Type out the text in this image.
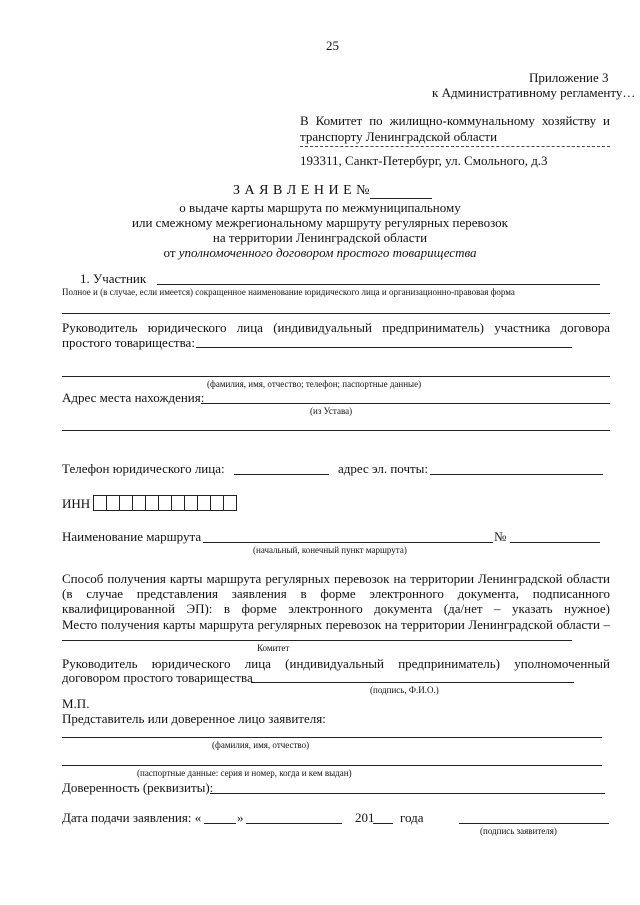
25
Приложение 3
к Административному регламенту…
В Комитет по жилищно-коммунальному хозяйству и
транспорту Ленинградской области
193311, Санкт-Петербург, ул. Смольного, д.3
З А Я В Л Е Н И Е №
о выдаче карты маршрута по межмуниципальному
или смежному межрегиональному маршруту регулярных перевозок
на территории Ленинградской области
от уполномоченного договором простого товарищества
1. Участник
Полное и (в случае, если имеется) сокращенное наименование юридического лица и организационно-правовая форма
Руководитель юридического лица (индивидуальный предприниматель) участника договора
простого товарищества:
(фамилия, имя, отчество; телефон; паспортные данные)
Адрес места нахождения:
(из Устава)
Телефон юридического лица:	адрес эл. почты:
ИНН
Наименование маршрута	№
(начальный, конечный пункт маршрута)
Способ получения карты маршрута регулярных перевозок на территории Ленинградской области (в случае представления заявления в форме электронного документа, подписанного квалифицированной ЭП): в форме электронного документа (да/нет – указать нужное)
Место получения карты маршрута регулярных перевозок на территории Ленинградской области –
Комитет
Руководитель юридического лица (индивидуальный предприниматель) уполномоченный
договором простого товарищества
(подпись, Ф.И.О.)
М.П.
Представитель или доверенное лицо заявителя:
(фамилия, имя, отчество)
(паспортные данные: серия и номер, когда и кем выдан)
Доверенность (реквизиты):
Дата подачи заявления: «	»	201 года
(подпись заявителя)
